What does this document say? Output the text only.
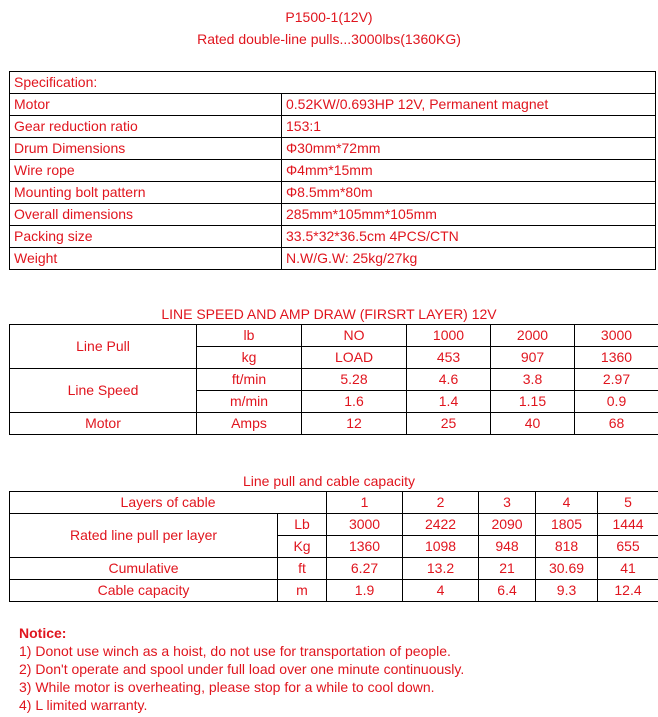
P1500-1(12V)
Rated double-line pulls...3000lbs(1360KG)
Specification:	
Motor	0.52KW/0.693HP 12V, Permanent magnet
Gear reduction ratio	153:1
Drum Dimensions	Φ30mm*72mm
Wire rope	Φ4mm*15mm
Mounting bolt pattern	Φ8.5mm*80m
Overall dimensions	285mm*105mm*105mm
Packing size	33.5*32*36.5cm 4PCS/CTN
Weight	N.W/G.W: 25kg/27kg
LINE SPEED AND AMP DRAW (FIRSRT LAYER) 12V
Line Pull	lb	NO	1000	2000	3000
	kg	LOAD	453	907	1360
Line Speed	ft/min	5.28	4.6	3.8	2.97
	m/min	1.6	1.4	1.15	0.9
Motor	Amps	12	25	40	68
Line pull and cable capacity
Layers of cable		1	2	3	4	5
Rated line pull per layer	Lb	3000	2422	2090	1805	1444
	Kg	1360	1098	948	818	655
Cumulative	ft	6.27	13.2	21	30.69	41
Cable capacity	m	1.9	4	6.4	9.3	12.4
Notice:
1) Donot use winch as a hoist, do not use for transportation of people.
2) Don't operate and spool under full load over one minute continuously.
3) While motor is overheating, please stop for a while to cool down.
4) L limited warranty.
